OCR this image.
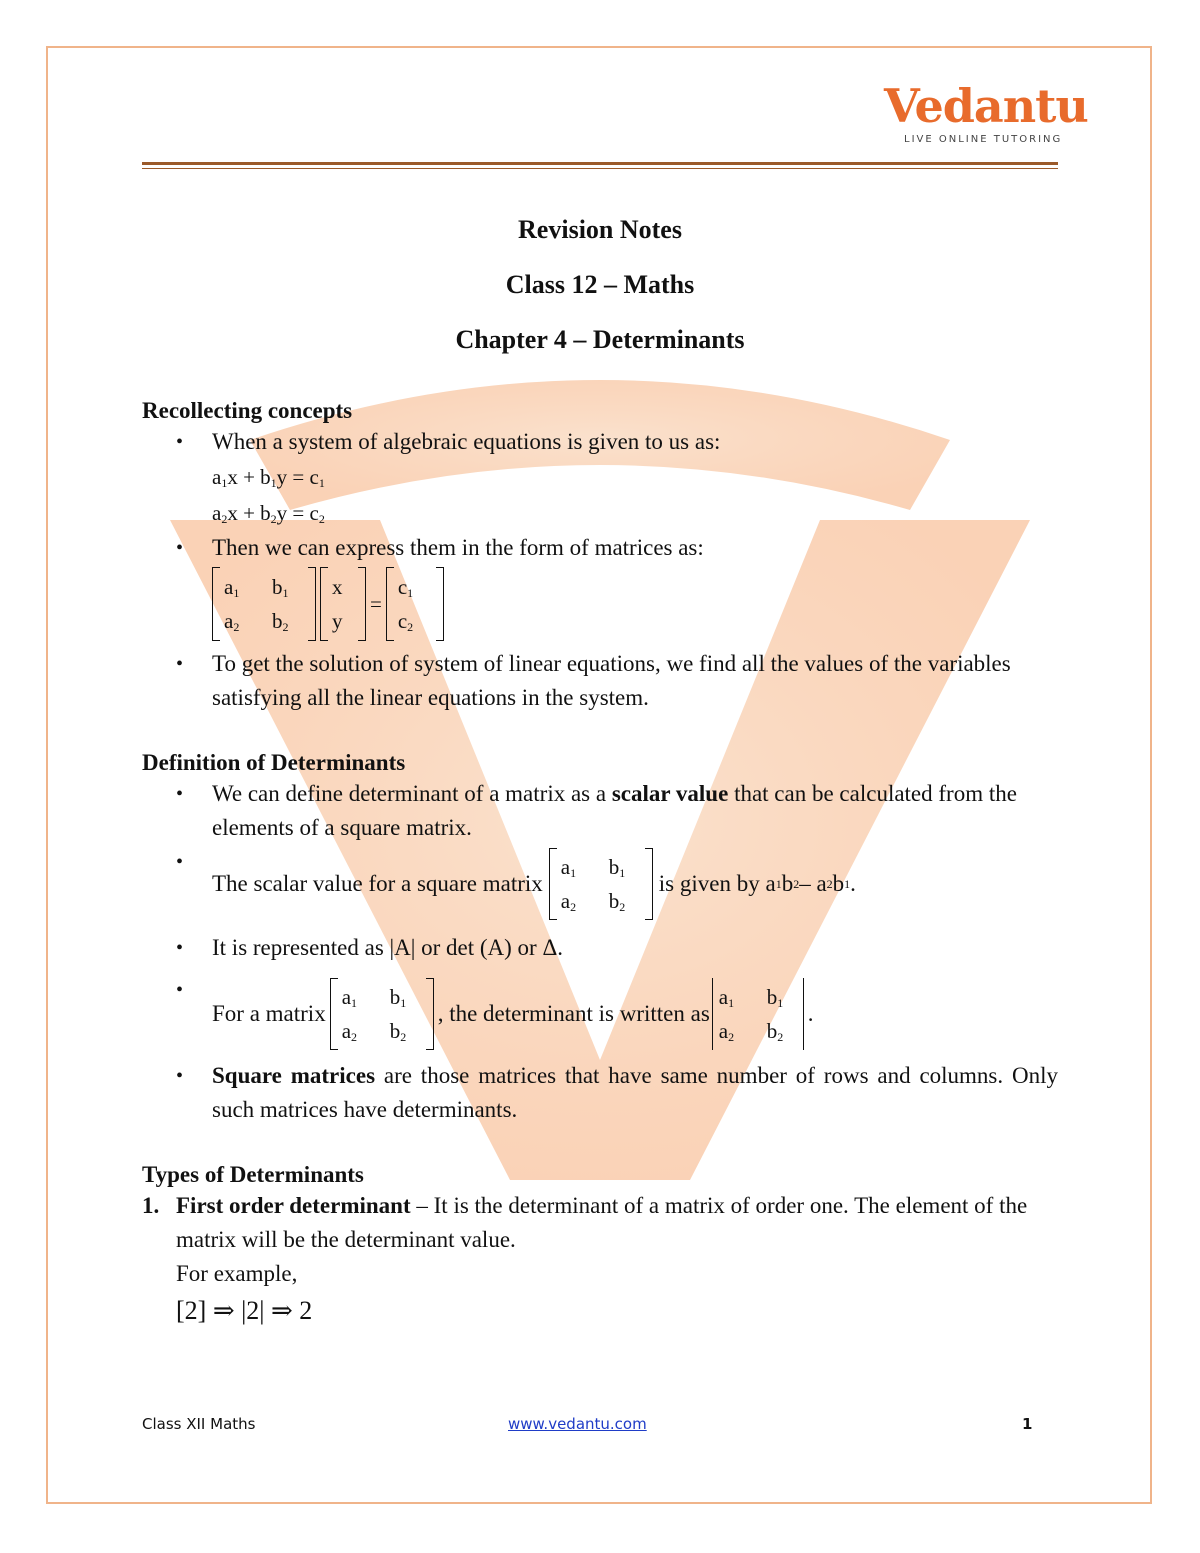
Vedantu
LIVE ONLINE TUTORING

Revision Notes

Class 12 – Maths

Chapter 4 – Determinants

Recollecting concepts

• When a system of algebraic equations is given to us as:
$a_1x + b_1y = c_1$
$a_2x + b_2y = c_2$
• Then we can express them in the form of matrices as:
$a_1$	$b_1$
$a_2$	$b_2$
x
y
=
$c_1$
$c_2$
• To get the solution of system of linear equations, we find all the values of the variables satisfying all the linear equations in the system.

Definition of Determinants

• We can define determinant of a matrix as a scalar value that can be calculated from the elements of a square matrix.
• The scalar value for a square matrix
$a_1$	$b_1$
$a_2$	$b_2$
is given by a 1 b 2 – a 2 b 1 .
• It is represented as |A| or det (A) or Δ.
• For a matrix
$a_1$	$b_1$
$a_2$	$b_2$
, the determinant is written as
$a_1$	$b_1$
$a_2$	$b_2$
.
• Square matrices are those matrices that have same number of rows and columns. Only such matrices have determinants.

Types of Determinants

1. First order determinant – It is the determinant of a matrix of order one. The element of the matrix will be the determinant value.
For example,
[2] ⇒ |2| ⇒ 2
Class XII Maths	www.vedantu.com	1
